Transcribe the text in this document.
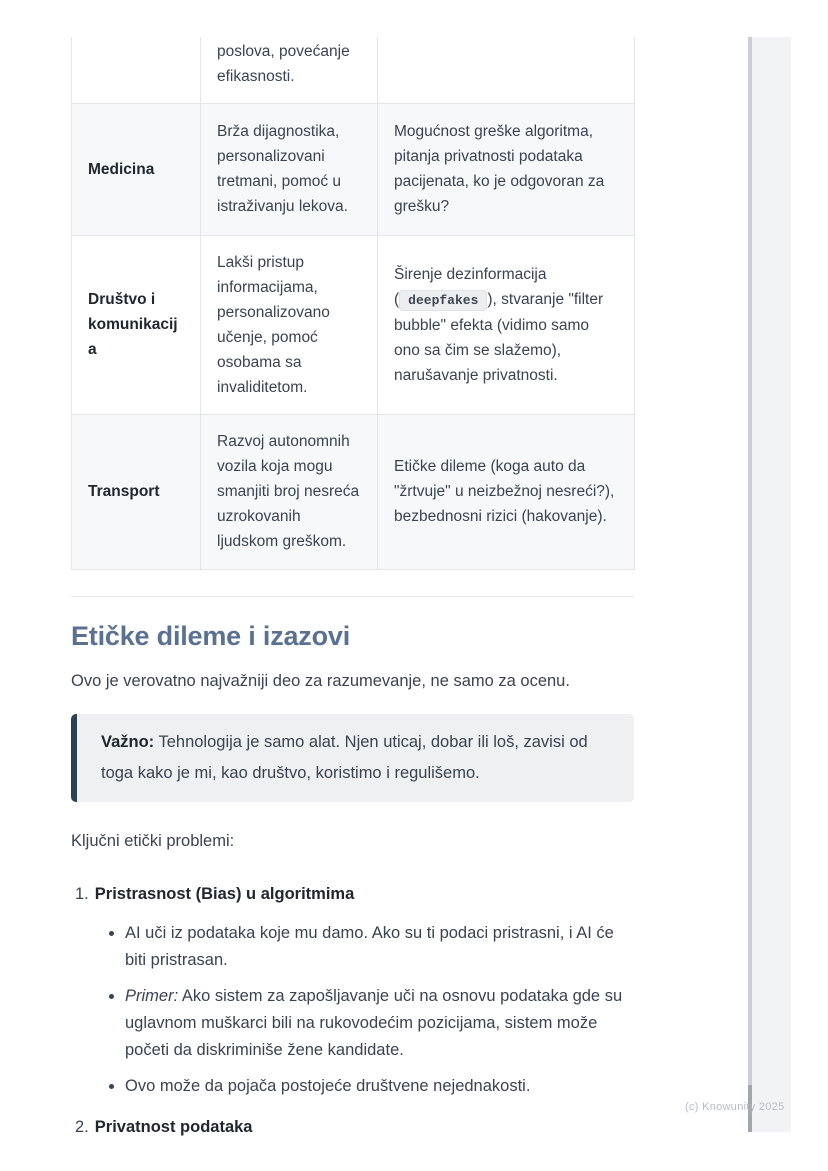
	poslova, povećanje efikasnosti.	
Medicina	Brža dijagnostika, personalizovani tretmani, pomoć u istraživanju lekova.	Mogućnost greške algoritma, pitanja privatnosti podataka pacijenata, ko je odgovoran za grešku?
Društvo i komunikacija	Lakši pristup informacijama, personalizovano učenje, pomoć osobama sa invaliditetom.	Širenje dezinformacija ( deepfakes ), stvaranje "filter bubble" efekta (vidimo samo ono sa čim se slažemo), narušavanje privatnosti.
Transport	Razvoj autonomnih vozila koja mogu smanjiti broj nesreća uzrokovanih ljudskom greškom.	Etičke dileme (koga auto da "žrtvuje" u neizbežnoj nesreći?), bezbednosni rizici (hakovanje).
Etičke dileme i izazovi

Ovo je verovatno najvažniji deo za razumevanje, ne samo za ocenu.

Važno: Tehnologija je samo alat. Njen uticaj, dobar ili loš, zavisi od toga kako je mi, kao društvo, koristimo i regulišemo.

Ključni etički problemi:

1. Pristrasnost (Bias) u algoritmima
• AI uči iz podataka koje mu damo. Ako su ti podaci pristrasni, i AI će biti pristrasan.
• Primer: Ako sistem za zapošljavanje uči na osnovu podataka gde su uglavnom muškarci bili na rukovodećim pozicijama, sistem može početi da diskriminiše žene kandidate.
• Ovo može da pojača postojeće društvene nejednakosti.
2. Privatnost podataka
(c) Knowunity 2025
